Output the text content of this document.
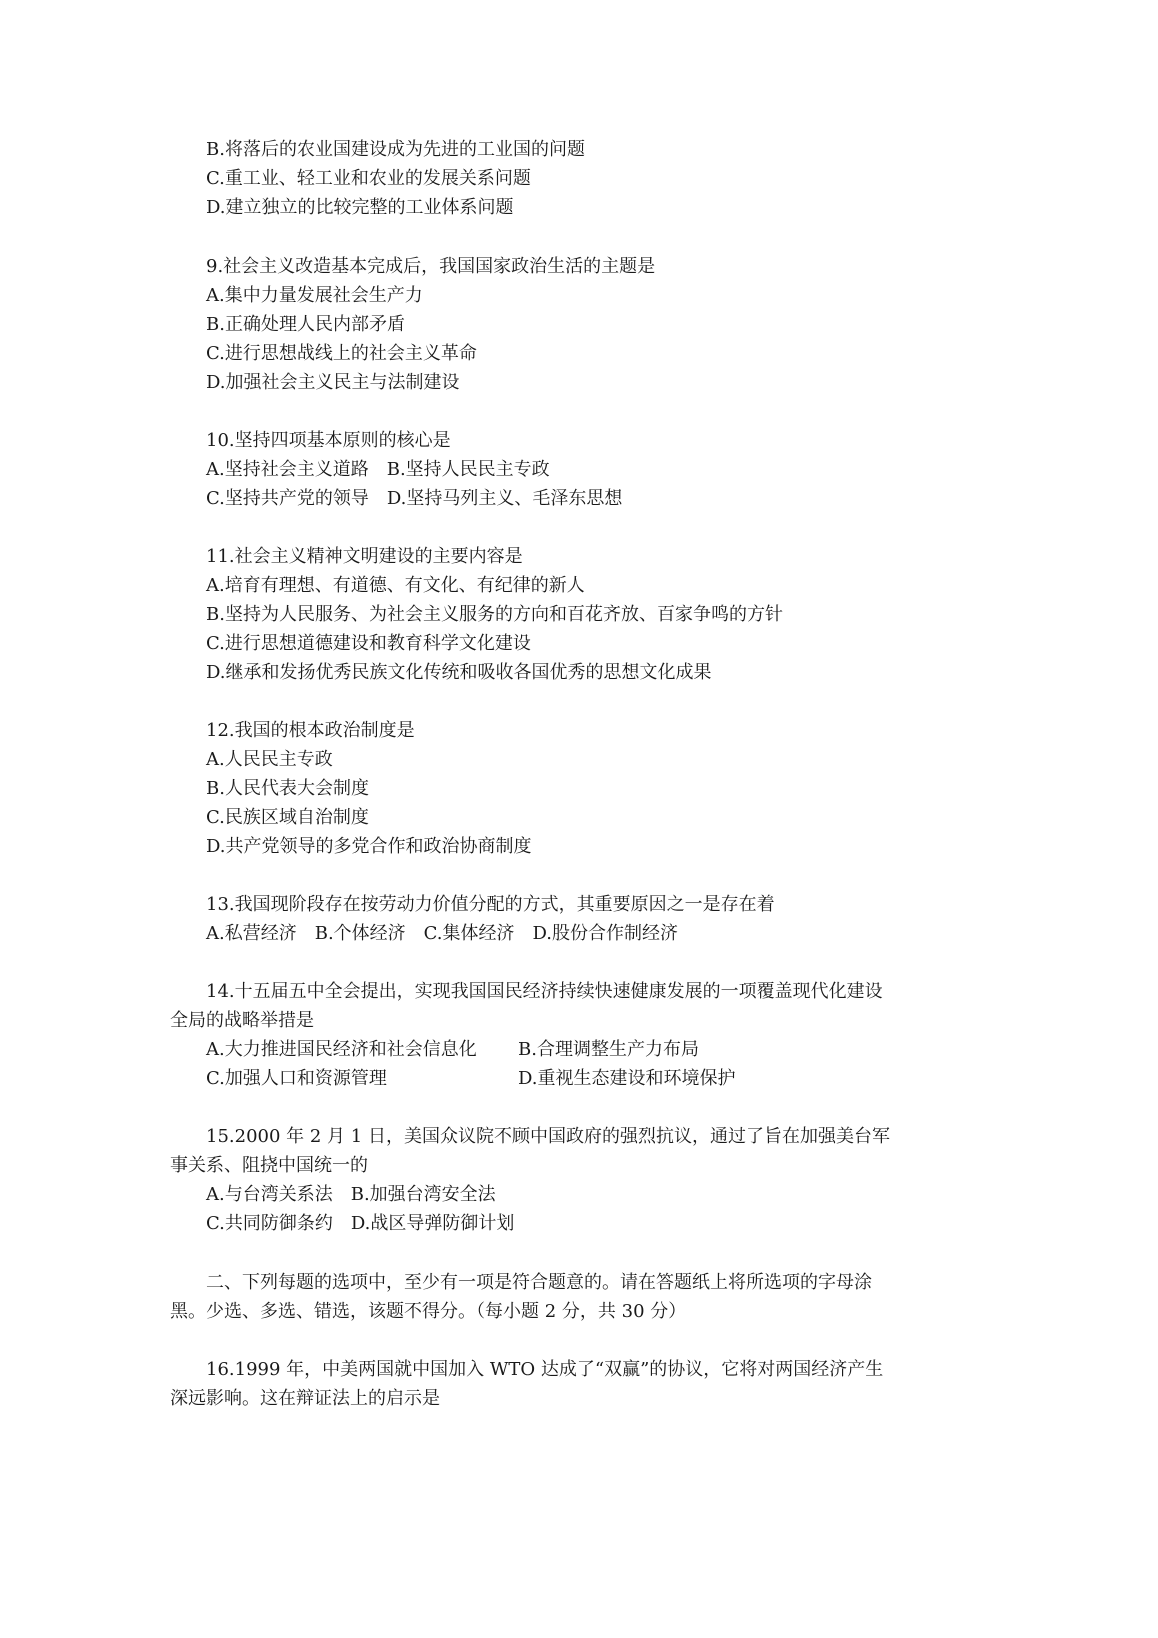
B.将落后的农业国建设成为先进的工业国的问题
C.重工业、轻工业和农业的发展关系问题
D.建立独立的比较完整的工业体系问题
9.社会主义改造基本完成后，我国国家政治生活的主题是
A.集中力量发展社会生产力
B.正确处理人民内部矛盾
C.进行思想战线上的社会主义革命
D.加强社会主义民主与法制建设
10.坚持四项基本原则的核心是
A.坚持社会主义道路　B.坚持人民民主专政
C.坚持共产党的领导　D.坚持马列主义、毛泽东思想
11.社会主义精神文明建设的主要内容是
A.培育有理想、有道德、有文化、有纪律的新人
B.坚持为人民服务、为社会主义服务的方向和百花齐放、百家争鸣的方针
C.进行思想道德建设和教育科学文化建设
D.继承和发扬优秀民族文化传统和吸收各国优秀的思想文化成果
12.我国的根本政治制度是
A.人民民主专政
B.人民代表大会制度
C.民族区域自治制度
D.共产党领导的多党合作和政治协商制度
13.我国现阶段存在按劳动力价值分配的方式，其重要原因之一是存在着
A.私营经济　B.个体经济　C.集体经济　D.股份合作制经济
14.十五届五中全会提出，实现我国国民经济持续快速健康发展的一项覆盖现代化建设
全局的战略举措是
A.大力推进国民经济和社会信息化 B.合理调整生产力布局
C.加强人口和资源管理	D.重视生态建设和环境保护
15.2000 年 2 月 1 日，美国众议院不顾中国政府的强烈抗议，通过了旨在加强美台军
事关系、阻挠中国统一的
A.与台湾关系法　B.加强台湾安全法
C.共同防御条约　D.战区导弹防御计划
二、下列每题的选项中，至少有一项是符合题意的。请在答题纸上将所选项的字母涂
黑。少选、多选、错选，该题不得分。（每小题 2 分，共 30 分）
16.1999 年，中美两国就中国加入 WTO 达成了“双赢”的协议，它将对两国经济产生
深远影响。这在辩证法上的启示是
